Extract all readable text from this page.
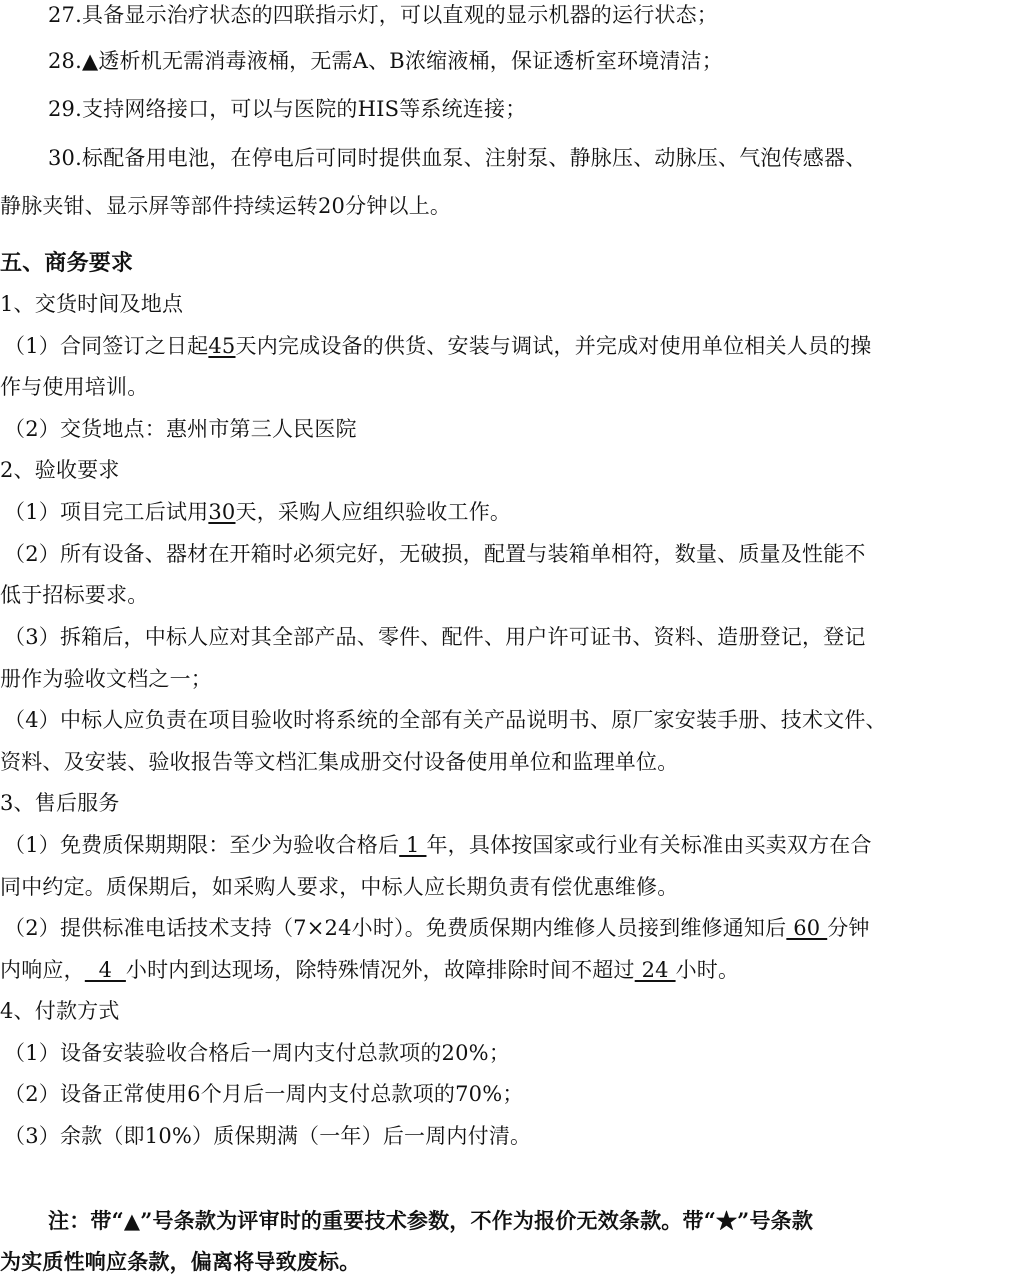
27.具备显示治疗状态的四联指示灯，可以直观的显示机器的运行状态；
28.▲透析机无需消毒液桶，无需A、B浓缩液桶，保证透析室环境清洁；
29.支持网络接口，可以与医院的HIS等系统连接；
30.标配备用电池，在停电后可同时提供血泵、注射泵、静脉压、动脉压、气泡传感器、
静脉夹钳、显示屏等部件持续运转20分钟以上。
五、商务要求
1、交货时间及地点
（1）合同签订之日起45天内完成设备的供货、安装与调试，并完成对使用单位相关人员的操
作与使用培训。
（2）交货地点：惠州市第三人民医院
2、验收要求
（1）项目完工后试用30天，采购人应组织验收工作。
（2）所有设备、器材在开箱时必须完好，无破损，配置与装箱单相符，数量、质量及性能不
低于招标要求。
（3）拆箱后，中标人应对其全部产品、零件、配件、用户许可证书、资料、造册登记，登记
册作为验收文档之一；
（4）中标人应负责在项目验收时将系统的全部有关产品说明书、原厂家安装手册、技术文件、
资料、及安装、验收报告等文档汇集成册交付设备使用单位和监理单位。
3、售后服务
（1）免费质保期期限：至少为验收合格后 1 年，具体按国家或行业有关标准由买卖双方在合
同中约定。质保期后，如采购人要求，中标人应长期负责有偿优惠维修。
（2）提供标准电话技术支持（7×24小时）。免费质保期内维修人员接到维修通知后 60 分钟
内响应，  4  小时内到达现场，除特殊情况外，故障排除时间不超过 24 小时。
4、付款方式
（1）设备安装验收合格后一周内支付总款项的20%；
（2）设备正常使用6个月后一周内支付总款项的70%；
（3）余款（即10%）质保期满（一年）后一周内付清。
注：带“▲”号条款为评审时的重要技术参数，不作为报价无效条款。带“★”号条款
为实质性响应条款，偏离将导致废标。
